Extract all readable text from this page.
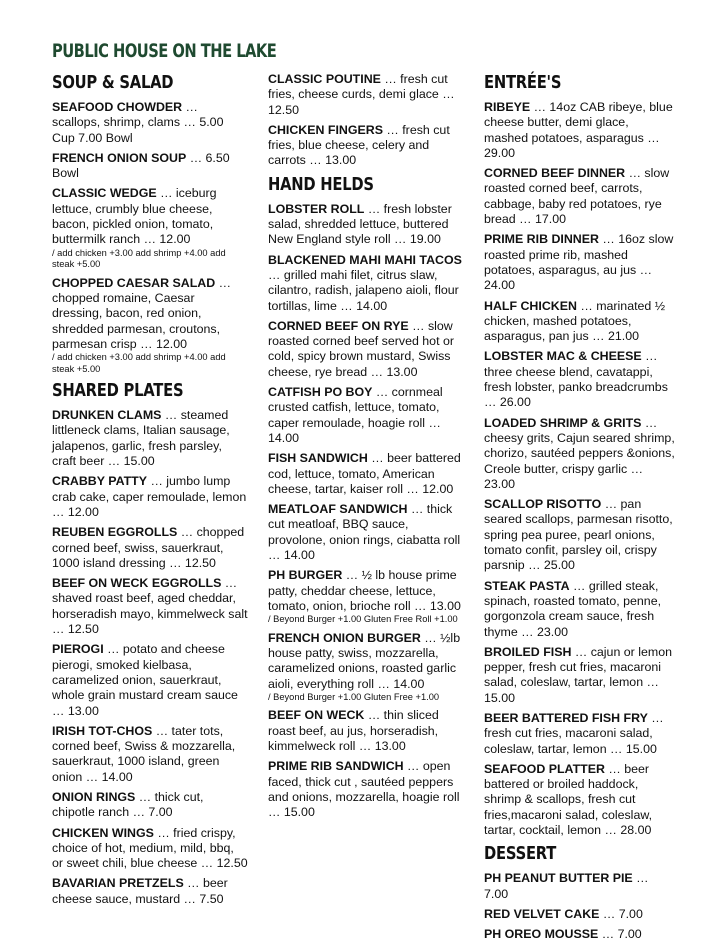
PUBLIC HOUSE ON THE LAKE
SOUP & SALAD
SEAFOOD CHOWDER … scallops, shrimp, clams … 5.00 Cup 7.00 Bowl
FRENCH ONION SOUP … 6.50 Bowl
CLASSIC WEDGE … iceburg lettuce, crumbly blue cheese, bacon, pickled onion, tomato, buttermilk ranch … 12.00
/ add chicken +3.00 add shrimp +4.00 add steak +5.00
CHOPPED CAESAR SALAD … chopped romaine, Caesar dressing, bacon, red onion, shredded parmesan, croutons, parmesan crisp … 12.00
/ add chicken +3.00 add shrimp +4.00 add steak +5.00
SHARED PLATES
DRUNKEN CLAMS … steamed littleneck clams, Italian sausage, jalapenos, garlic, fresh parsley, craft beer … 15.00
CRABBY PATTY … jumbo lump crab cake, caper remoulade, lemon … 12.00
REUBEN EGGROLLS … chopped corned beef, swiss, sauerkraut, 1000 island dressing … 12.50
BEEF ON WECK EGGROLLS … shaved roast beef, aged cheddar, horseradish mayo, kimmelweck salt … 12.50
PIEROGI … potato and cheese pierogi, smoked kielbasa, caramelized onion, sauerkraut, whole grain mustard cream sauce … 13.00
IRISH TOT-CHOS … tater tots, corned beef, Swiss & mozzarella, sauerkraut, 1000 island, green onion … 14.00
ONION RINGS … thick cut, chipotle ranch … 7.00
CHICKEN WINGS … fried crispy, choice of hot, medium, mild, bbq, or sweet chili, blue cheese … 12.50
BAVARIAN PRETZELS … beer cheese sauce, mustard … 7.50
CLASSIC POUTINE … fresh cut fries, cheese curds, demi glace … 12.50
CHICKEN FINGERS … fresh cut fries, blue cheese, celery and carrots … 13.00
HAND HELDS
LOBSTER ROLL … fresh lobster salad, shredded lettuce, buttered New England style roll … 19.00
BLACKENED MAHI MAHI TACOS … grilled mahi filet, citrus slaw, cilantro, radish, jalapeno aioli, flour tortillas, lime … 14.00
CORNED BEEF ON RYE … slow roasted corned beef served hot or cold, spicy brown mustard, Swiss cheese, rye bread … 13.00
CATFISH PO BOY … cornmeal crusted catfish, lettuce, tomato, caper remoulade, hoagie roll … 14.00
FISH SANDWICH … beer battered cod, lettuce, tomato, American cheese, tartar, kaiser roll … 12.00
MEATLOAF SANDWICH … thick cut meatloaf, BBQ sauce, provolone, onion rings, ciabatta roll … 14.00
PH BURGER … ½ lb house prime patty, cheddar cheese, lettuce, tomato, onion, brioche roll … 13.00
/ Beyond Burger +1.00 Gluten Free Roll +1.00
FRENCH ONION BURGER … ½lb house patty, swiss, mozzarella, caramelized onions, roasted garlic aioli, everything roll … 14.00
/ Beyond Burger +1.00 Gluten Free +1.00
BEEF ON WECK … thin sliced roast beef, au jus, horseradish, kimmelweck roll … 13.00
PRIME RIB SANDWICH … open faced, thick cut , sautéed peppers and onions, mozzarella, hoagie roll … 15.00
ENTRÉE'S
RIBEYE … 14oz CAB ribeye, blue cheese butter, demi glace, mashed potatoes, asparagus … 29.00
CORNED BEEF DINNER … slow roasted corned beef, carrots, cabbage, baby red potatoes, rye bread … 17.00
PRIME RIB DINNER … 16oz slow roasted prime rib, mashed potatoes, asparagus, au jus … 24.00
HALF CHICKEN … marinated ½ chicken, mashed potatoes, asparagus, pan jus … 21.00
LOBSTER MAC & CHEESE … three cheese blend, cavatappi, fresh lobster, panko breadcrumbs … 26.00
LOADED SHRIMP & GRITS … cheesy grits, Cajun seared shrimp, chorizo, sautéed peppers &onions, Creole butter, crispy garlic … 23.00
SCALLOP RISOTTO … pan seared scallops, parmesan risotto, spring pea puree, pearl onions, tomato confit, parsley oil, crispy parsnip … 25.00
STEAK PASTA … grilled steak, spinach, roasted tomato, penne, gorgonzola cream sauce, fresh thyme … 23.00
BROILED FISH … cajun or lemon pepper, fresh cut fries, macaroni salad, coleslaw, tartar, lemon … 15.00
BEER BATTERED FISH FRY … fresh cut fries, macaroni salad, coleslaw, tartar, lemon … 15.00
SEAFOOD PLATTER … beer battered or broiled haddock, shrimp & scallops, fresh cut fries,macaroni salad, coleslaw, tartar, cocktail, lemon … 28.00
DESSERT
PH PEANUT BUTTER PIE … 7.00
RED VELVET CAKE … 7.00
PH OREO MOUSSE … 7.00
